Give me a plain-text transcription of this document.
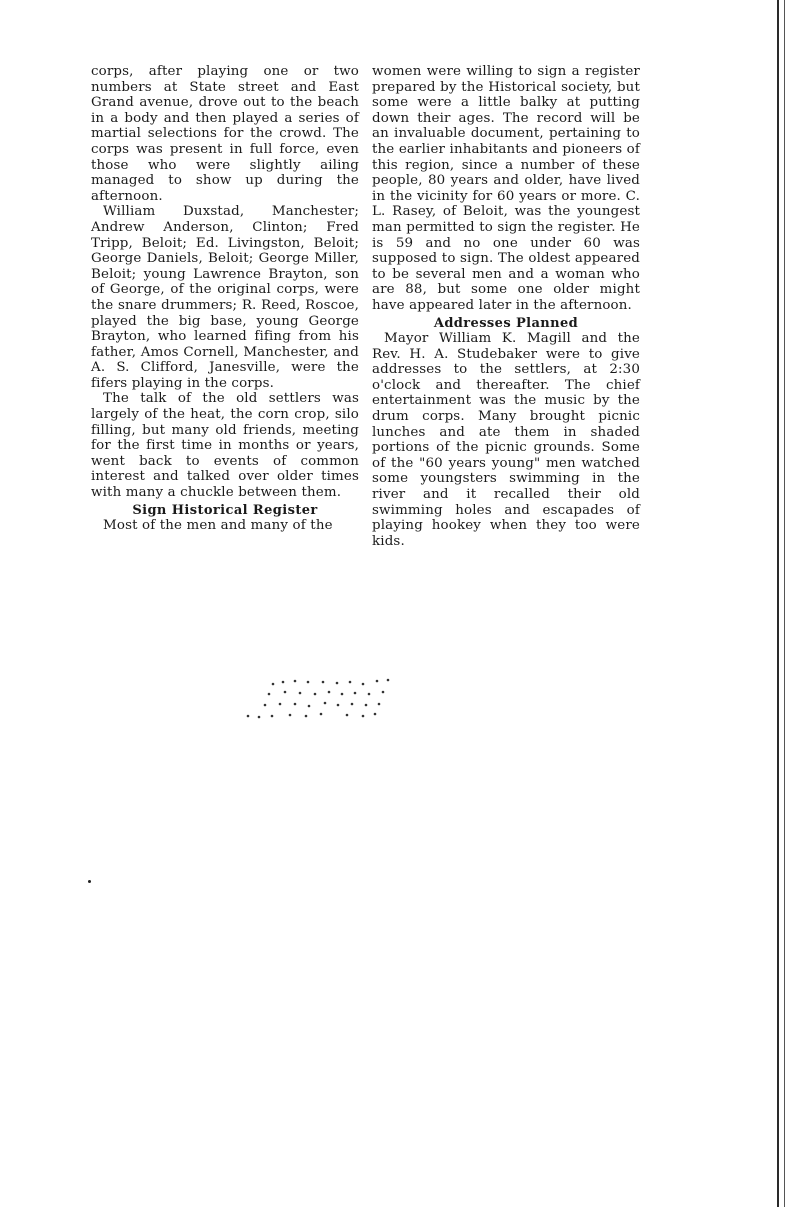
corps, after playing one or two numbers at State street and East Grand avenue, drove out to the beach in a body and then played a series of martial selections for the crowd. The corps was present in full force, even those who were slightly ailing managed to show up during the afternoon.

William Duxstad, Manchester; Andrew Anderson, Clinton; Fred Tripp, Beloit; Ed. Livingston, Beloit; George Daniels, Beloit; George Miller, Beloit; young Lawrence Brayton, son of George, of the original corps, were the snare drummers; R. Reed, Roscoe, played the big base, young George Brayton, who learned fifing from his father, Amos Cornell, Manchester, and A. S. Clifford, Janesville, were the fifers playing in the corps.

The talk of the old settlers was largely of the heat, the corn crop, silo filling, but many old friends, meeting for the first time in months or years, went back to events of common interest and talked over older times with many a chuckle between them.

Sign Historical Register

Most of the men and many of the

women were willing to sign a register prepared by the Historical society, but some were a little balky at putting down their ages. The record will be an invaluable document, pertaining to the earlier inhabitants and pioneers of this region, since a number of these people, 80 years and older, have lived in the vicinity for 60 years or more. C. L. Rasey, of Beloit, was the youngest man permitted to sign the register. He is 59 and no one under 60 was supposed to sign. The oldest appeared to be several men and a woman who are 88, but some one older might have appeared later in the afternoon.

Addresses Planned

Mayor William K. Magill and the Rev. H. A. Studebaker were to give addresses to the settlers, at 2:30 o'clock and thereafter. The chief entertainment was the music by the drum corps. Many brought picnic lunches and ate them in shaded portions of the picnic grounds. Some of the "60 years young" men watched some youngsters swimming in the river and it recalled their old swimming holes and escapades of playing hookey when they too were kids.
